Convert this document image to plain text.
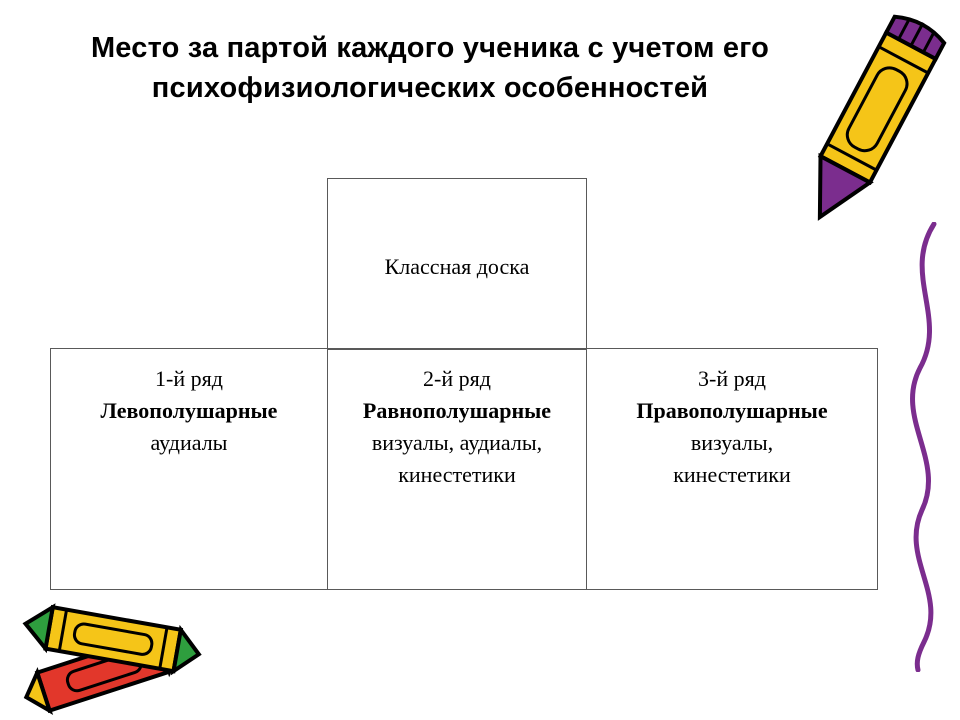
Место за партой каждого ученика с учетом его
психофизиологических особенностей
Классная доска
1-й ряд
Левополушарные
аудиалы
2-й ряд
Равнополушарные
визуалы, аудиалы,
кинестетики
3-й ряд
Правополушарные
визуалы,
кинестетики
